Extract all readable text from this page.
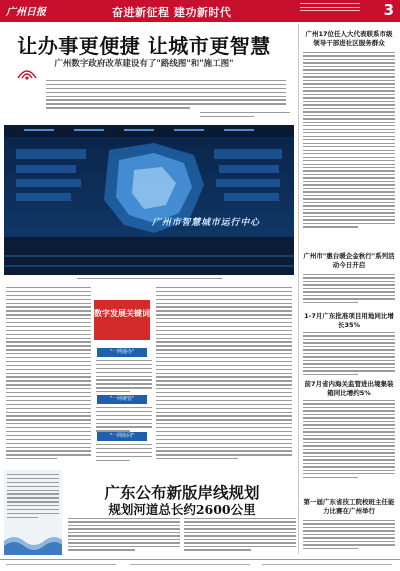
广州日报	奋进新征程 建功新时代	3
让办事更便捷 让城市更智慧
广州数字政府改革建设有了"路线图"和"施工图"
广州市智慧城市运行中心
数字发展关键词
"一网通办"
"一网统管"
"一网协同"
广州17位任人大代表联系市级领导干部进社区服务群众
广州市"惠台暖企金秋行"系列活动今日开启
1-7月广东批准项目用地同比增长35%
前7月省内海关监管进出境集装箱同比增约5%
第一届广东省技工院校班主任能力比赛在广州举行
广东公布新版岸线规划
规划河道总长约2600公里
